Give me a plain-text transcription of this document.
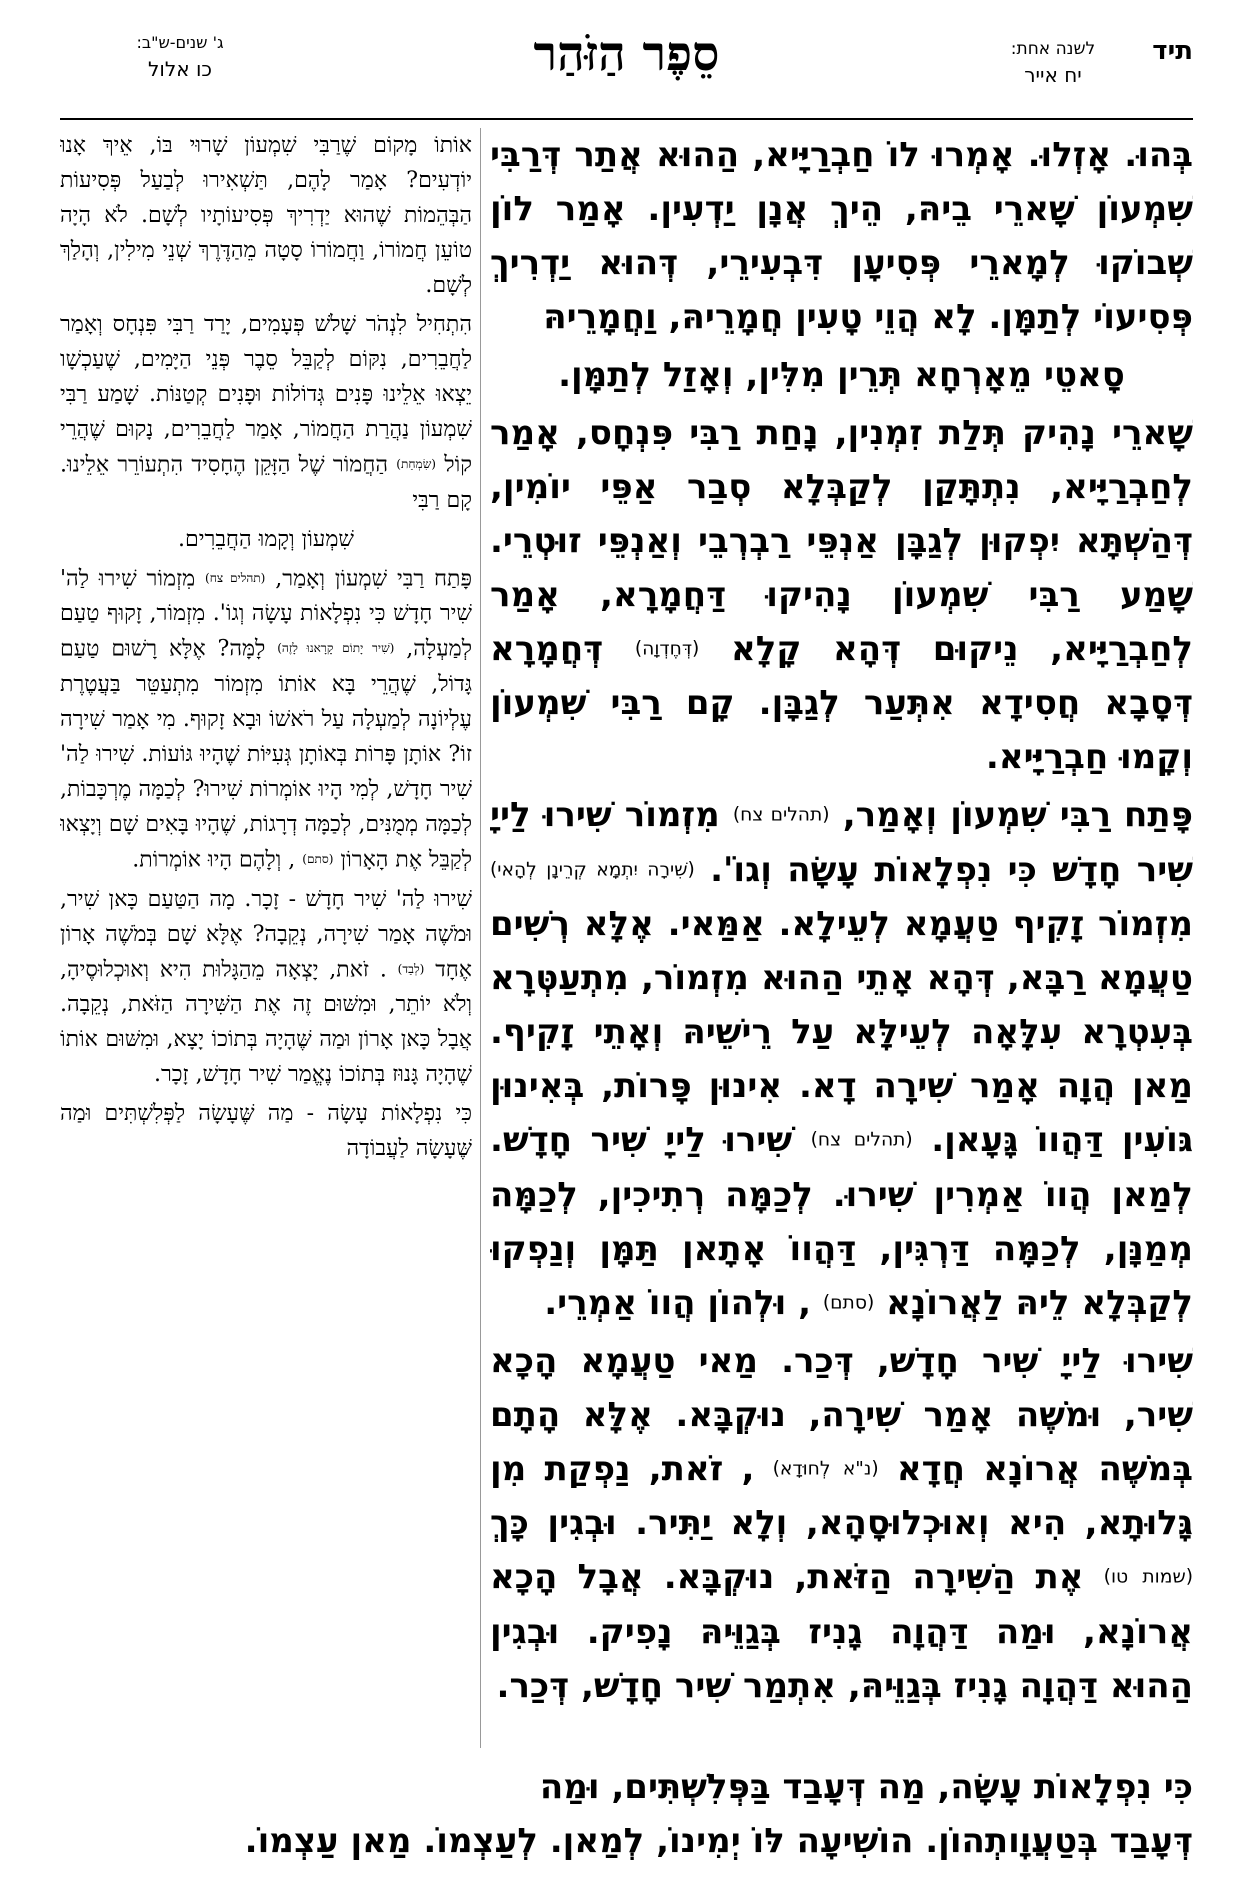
ג' שנים-ש"ב:
כו אלול	סֵפֶר הַזֹּהַר	תיד
לשנה אחת:
יח אייר

בְּהוּ. אָזְלוּ. אָמְרוּ לוֹ חַבְרַיָּיא, הַהוּא אֲתַר דְּרַבִּי שִׁמְעוֹן שָׁארֵי בֵיהּ, הֵיךְ אֲנָן יַדְעִין. אָמַר לוֹן שְׁבוֹקוּ לְמָארֵי פְּסִיעָן דִּבְעִירֵי, דְּהוּא יַדְרִיךְ פְּסִיעוֹי לְתַמָּן. לָא הֲוֵי טָעִין חֲמָרֵיהּ, וַחֲמָרֵיהּ

סָאטֵי מֵאָרְחָא תְּרֵין מִלִּין, וְאָזַל לְתַמָּן.

שָׁארֵי נָהִיק תְּלַת זִמְנִין, נָחַת רַבִּי פִּנְחָס, אָמַר לְחַבְרַיָּיא, נִתְתָּקַן לְקַבְּלָא סְבַר אַפֵּי יוֹמִין, דְּהַשְׁתָּא יִפְקוּן לְגַבָּן אַנְפֵּי רַבְרְבֵי וְאַנְפֵּי זוּטְרֵי. שָׁמַע רַבִּי שִׁמְעוֹן נָהִיקוּ דַּחֲמָרָא, אָמַר לְחַבְרַיָּיא, נֵיקוּם דְּהָא קָלָא (דְּחֶדְוָה) דְּחֲמָרָא דְּסָבָא חֲסִידָא אִתְּעַר לְגַבָּן. קָם רַבִּי שִׁמְעוֹן וְקָמוּ חַבְרַיָּיא.

פָּתַח רַבִּי שִׁמְעוֹן וְאָמַר, (תהלים צח) מִזְמוֹר שִׁירוּ לַייָ שִׁיר חָדָשׁ כִּי נִפְלָאוֹת עָשָׂה וְגוֹ'. (שִׁירָה יִתְמָא קְרֵינָן לְהָאי) מִזְמוֹר זָקִיף טַעֲמָא לְעֵילָא. אַמַּאי. אֶלָּא רְשִׁים טַעֲמָא רַבָּא, דְּהָא אָתֵי הַהוּא מִזְמוֹר, מִתְעַטְּרָא בְּעִטְרָא עִלָּאָה לְעֵילָּא עַל רֵישֵׁיהּ וְאָתֵי זָקִיף. מַאן הֲוָה אָמַר שִׁירָה דָא. אִינוּן פָּרוֹת, בְּאִינוּן גּוֹעִין דַּהֲווֹ גָּעָאן. (תהלים צח) שִׁירוּ לַייָ שִׁיר חָדָשׁ. לְמַאן הֲווֹ אַמְרִין שִׁירוּ. לְכַמָּה רְתִיכִין, לְכַמָּה מְמַנָּן, לְכַמָּה דַּרְגִּין, דַּהֲווֹ אָתָאן תַּמָּן וְנַפְקוּ לְקַבְּלָא לֵיהּ לַאֲרוֹנָא (סתם) , וּלְהוֹן הֲווֹ אַמְרֵי.

שִׁירוּ לַייָ שִׁיר חָדָשׁ, דְּכַר. מַאי טַעֲמָא הָכָא שִׁיר, וּמֹשֶׁה אָמַר שִׁירָה, נוּקְבָּא. אֶלָּא הָתָם בְּמֹשֶׁה אֲרוֹנָא חֲדָא (נ"א לְחוּדָא) , זֹאת, נַפְקַת מִן גָּלוּתָא, הִיא וְאוּכְלוּסָהָא, וְלָא יַתִּיר. וּבְגִין כָּךְ (שמות טו) אֶת הַשִּׁירָה הַזֹּאת, נוּקְבָּא. אֲבָל הָכָא אֲרוֹנָא, וּמַה דַּהֲוָה גָנִיז בְּגַוֵּיהּ נָפִיק. וּבְגִין הַהוּא דַּהֲוָה גָנִיז בְּגַוֵּיהּ, אִתְמַר שִׁיר חָדָשׁ, דְּכַר.

אוֹתוֹ מָקוֹם שֶׁרַבִּי שִׁמְעוֹן שָׁרוּי בּוֹ, אֵיךְ אָנוּ יוֹדְעִים? אָמַר לָהֶם, תַּשְׁאִירוּ לְבַעַל פְּסִיעוֹת הַבְּהֵמוֹת שֶׁהוּא יַדְרִיךְ פְּסִיעוֹתָיו לְשָׁם. לֹא הָיָה טוֹעֵן חֲמוֹרוֹ, וַחֲמוֹרוֹ סָטָה מֵהַדֶּרֶךְ שְׁנֵי מִילִין, וְהָלַךְ לְשָׁם.

הִתְחִיל לִנְהֹר שָׁלֹשׁ פְּעָמִים, יָרַד רַבִּי פִּנְחָס וְאָמַר לַחֲבֵרִים, נִקּוֹם לְקַבֵּל סֵבֶר פְּנֵי הַיָּמִים, שֶׁעַכְשָׁו יֵצְאוּ אֵלֵינוּ פָּנִים גְּדוֹלוֹת וּפָנִים קְטַנּוֹת. שָׁמַע רַבִּי שִׁמְעוֹן נַהֲרַת הַחֲמוֹר, אָמַר לַחֲבֵרִים, נָקוּם שֶׁהֲרֵי קוֹל (שִׂמְחַת) הַחֲמוֹר שֶׁל הַזָּקֵן הֶחָסִיד הִתְעוֹרֵר אֵלֵינוּ. קָם רַבִּי

שִׁמְעוֹן וְקָמוּ הַחֲבֵרִים.

פָּתַח רַבִּי שִׁמְעוֹן וְאָמַר, (תהלים צח) מִזְמוֹר שִׁירוּ לַה' שִׁיר חָדָשׁ כִּי נִפְלָאוֹת עָשָׂה וְגוֹ'. מִזְמוֹר, זָקוּף טַעַם לְמַעְלָה, (שִׁיר יָתוֹם קָרָאנוּ לָזֶה) לָמָּה? אֶלָּא רָשׁוּם טַעַם גָּדוֹל, שֶׁהֲרֵי בָּא אוֹתוֹ מִזְמוֹר מִתְעַטֵּר בַּעֲטֶרֶת עֶלְיוֹנָה לְמַעְלָה עַל רֹאשׁוֹ וּבָא זָקוּף. מִי אָמַר שִׁירָה זוֹ? אוֹתָן פָּרוֹת בְּאוֹתָן גְּעִיּוֹת שֶׁהָיוּ גּוֹעוֹת. שִׁירוּ לַה' שִׁיר חָדָשׁ, לְמִי הָיוּ אוֹמְרוֹת שִׁירוּ? לְכַמָּה מֶרְכָּבוֹת, לְכַמָּה מְמֻנִּים, לְכַמָּה דְרָגוֹת, שֶׁהָיוּ בָּאִים שָׁם וְיָצְאוּ לְקַבֵּל אֶת הָאָרוֹן (סתם) , וְלָהֶם הָיוּ אוֹמְרוֹת.

שִׁירוּ לַה' שִׁיר חָדָשׁ - זָכָר. מָה הַטַּעַם כָּאן שִׁיר, וּמֹשֶׁה אָמַר שִׁירָה, נְקֵבָה? אֶלָּא שָׁם בְּמֹשֶׁה אָרוֹן אֶחָד (לְבַד) . זֹאת, יָצְאָה מֵהַגָּלוּת הִיא וְאוּכְלוּסֶיהָ, וְלֹא יוֹתֵר, וּמִשּׁוּם זֶה אֶת הַשִּׁירָה הַזֹּאת, נְקֵבָה. אֲבָל כָּאן אָרוֹן וּמַה שֶּׁהָיָה בְּתוֹכוֹ יָצָא, וּמִשּׁוּם אוֹתוֹ שֶׁהָיָה גָּנוּז בְּתוֹכוֹ נֶאֱמַר שִׁיר חָדָשׁ, זָכָר.

כִּי נִפְלָאוֹת עָשָׂה - מַה שֶּׁעָשָׂה לַפְּלִשְׁתִּים וּמַה שֶּׁעָשָׂה לַעֲבוֹדָה

כִּי נִפְלָאוֹת עָשָׂה, מַה דְּעָבַד בַּפְּלִשְׁתִּים, וּמַה

דְּעָבַד בְּטַעֲוָותְהוֹן. הוֹשִׁיעָה לּוֹ יְמִינוֹ, לְמַאן. לְעַצְמוֹ. מַאן עַצְמוֹ.
